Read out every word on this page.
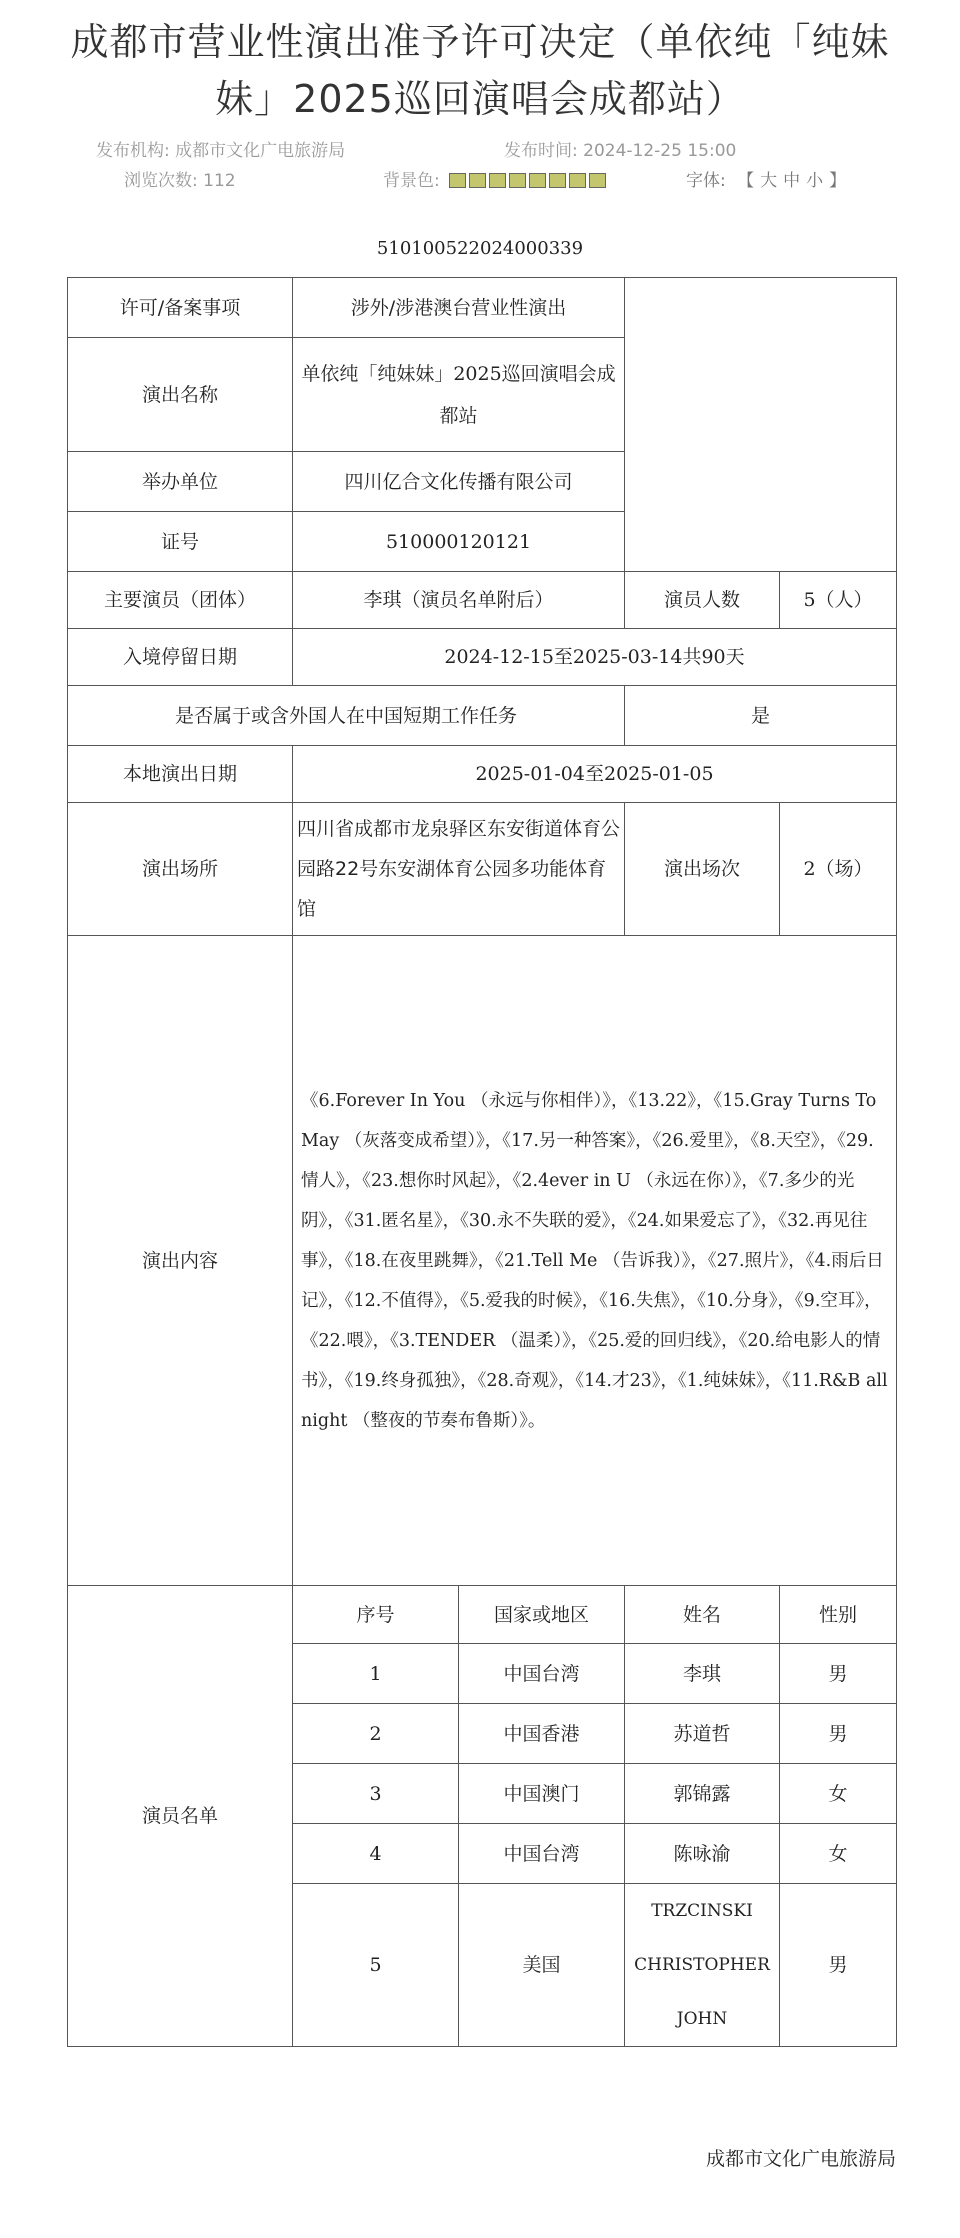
成都市营业性演出准予许可决定（单依纯「纯妹妹」2025巡回演唱会成都站）
发布机构: 成都市文化广电旅游局	发布时间: 2024-12-25 15:00
浏览次数: 112	背景色:	字体: 【 大 中 小 】
510100522024000339
许可/备案事项	涉外/涉港澳台营业性演出			
演出名称	单依纯「纯妹妹」2025巡回演唱会成都站			
举办单位	四川亿合文化传播有限公司			
证号	510000120121			
主要演员（团体）	李琪（演员名单附后）		演员人数	5（人）
入境停留日期	2024-12-15至2025-03-14共90天			
是否属于或含外国人在中国短期工作任务			是	
本地演出日期	2025-01-04至2025-01-05			
演出场所	四川省成都市龙泉驿区东安街道体育公园路22号东安湖体育公园多功能体育馆		演出场次	2（场）
演出内容	《6.Forever In You （永远与你相伴）》，《13.22》，《15.Gray Turns To May （灰落变成希望）》，《17.另一种答案》，《26.爱里》，《8.天空》，《29.情人》，《23.想你时风起》，《2.4ever in U （永远在你）》，《7.多少的光阴》，《31.匿名星》，《30.永不失联的爱》，《24.如果爱忘了》，《32.再见往事》，《18.在夜里跳舞》，《21.Tell Me （告诉我）》，《27.照片》，《4.雨后日记》，《12.不值得》，《5.爱我的时候》，《16.失焦》，《10.分身》，《9.空耳》，《22.喂》，《3.TENDER （温柔）》，《25.爱的回归线》，《20.给电影人的情书》，《19.终身孤独》，《28.奇观》，《14.才23》，《1.纯妹妹》，《11.R&B all night （整夜的节奏布鲁斯）》。			
演员名单	序号	国家或地区	姓名	性别
	1	中国台湾	李琪	男
	2	中国香港	苏道哲	男
	3	中国澳门	郭锦露	女
	4	中国台湾	陈咏渝	女
	5	美国	TRZCINSKI CHRISTOPHER JOHN	男
成都市文化广电旅游局
